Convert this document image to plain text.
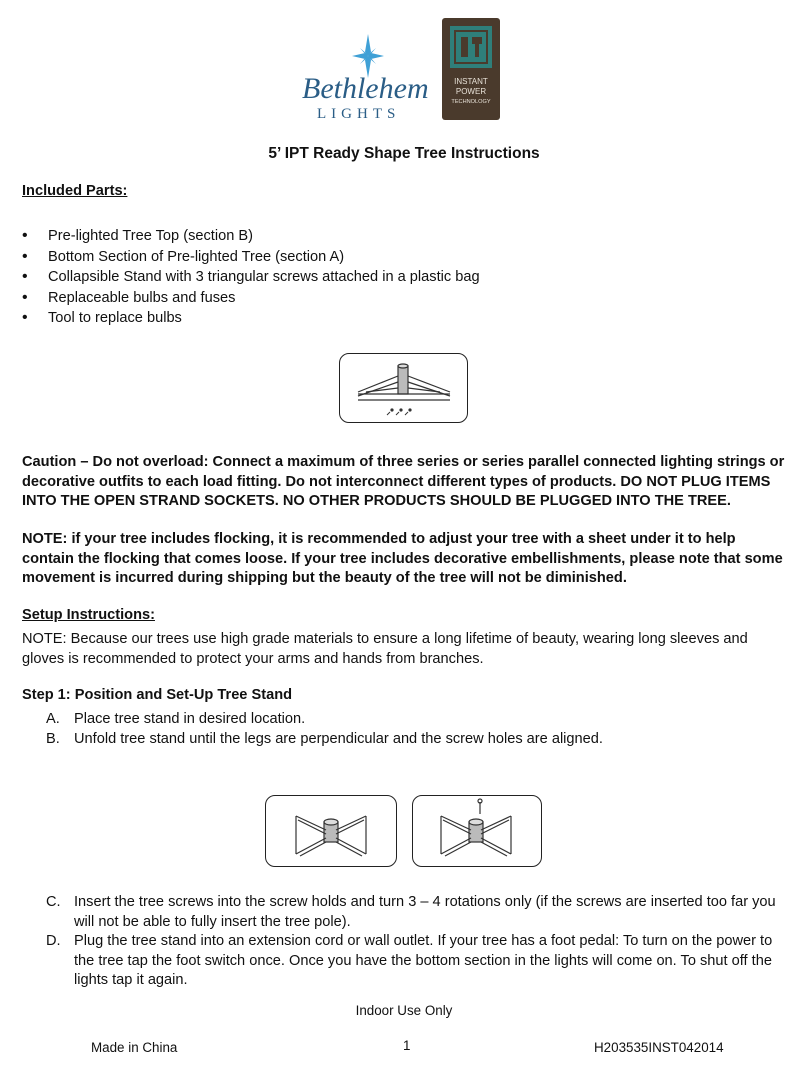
Bethlehem
LIGHTS
INSTANT
POWER
TECHNOLOGY
5’ IPT Ready Shape Tree Instructions
Included Parts:
• Pre-lighted Tree Top (section B)
• Bottom Section of Pre-lighted Tree (section A)
• Collapsible Stand with 3 triangular screws attached in a plastic bag
• Replaceable bulbs and fuses
• Tool to replace bulbs
Caution – Do not overload: Connect a maximum of three series or series parallel connected lighting strings or decorative outfits to each load fitting. Do not interconnect different types of products. DO NOT PLUG ITEMS INTO THE OPEN STRAND SOCKETS. NO OTHER PRODUCTS SHOULD BE PLUGGED INTO THE TREE.
NOTE: if your tree includes flocking, it is recommended to adjust your tree with a sheet under it to help contain the flocking that comes loose. If your tree includes decorative embellishments, please note that some movement is incurred during shipping but the beauty of the tree will not be diminished.
Setup Instructions:
NOTE: Because our trees use high grade materials to ensure a long lifetime of beauty, wearing long sleeves and gloves is recommended to protect your arms and hands from branches.
Step 1: Position and Set-Up Tree Stand
A. Place tree stand in desired location.
B. Unfold tree stand until the legs are perpendicular and the screw holes are aligned.
C. Insert the tree screws into the screw holds and turn 3 – 4 rotations only (if the screws are inserted too far you will not be able to fully insert the tree pole).
D. Plug the tree stand into an extension cord or wall outlet. If your tree has a foot pedal: To turn on the power to the tree tap the foot switch once. Once you have the bottom section in the lights will come on. To shut off the lights tap it again.
Indoor Use Only
Made in China	1	H203535INST042014
